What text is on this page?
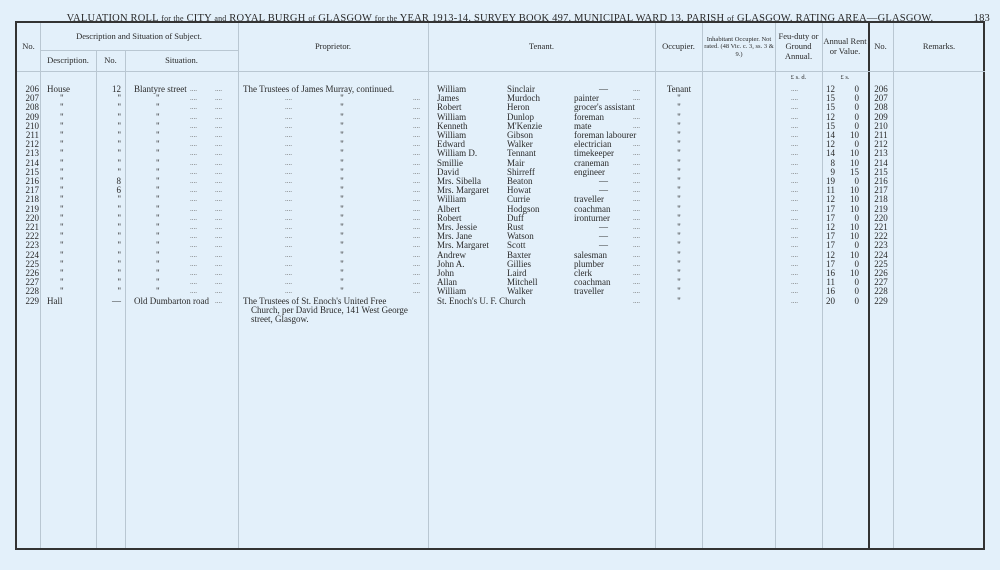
VALUATION ROLL for the CITY and ROYAL BURGH of GLASGOW for the YEAR 1913-14. SURVEY BOOK 497. MUNICIPAL WARD 13. PARISH of GLASGOW. RATING AREA—GLASGOW.	183
No.
Description and Situation of Subject.
Description.	No.	Situation.
Proprietor.	Tenant.	Occupier.
Inhabitant Occupier. Not rated. (48 Vic. c. 3, ss. 3 & 9.)
Feu-duty or Ground Annual.
Annual Rent or Value.	No.	Remarks.
£ s. d.	£ s.
206 House	12 Blantyre street	The Trustees of James Murray, continued.	William	Sinclair	—	Tenant	12	0	206
....	....	....	....
207 "	"	"	"	James	Murdoch	painter	"	15	0	207
....	....	....	....	....	....
208 "	"	"	"	Robert	Heron	grocer's assistant	"	15	0	208
....	....	....	....	....
209 "	"	"	"	William	Dunlop	foreman	"	12	0	209
....	....	....	....	....	....
210 "	"	"	"	Kenneth	M'Kenzie	mate	"	15	0	210
....	....	....	....	....	....
211 "	"	"	"	William	Gibson	foreman labourer	"	14	10	211
....	....	....	....	....
212 "	"	"	"	Edward	Walker	electrician	"	12	0	212
....	....	....	....	....	....
213 "	"	"	"	William D.	Tennant	timekeeper	"	14	10	213
....	....	....	....	....	....
214 "	"	"	"	Smillie	Mair	craneman	"	8	10	214
....	....	....	....	....	....
215 "	"	"	"	David	Shirreff	engineer	"	9	15	215
....	....	....	....	....	....
216 "	8	"	"	Mrs. Sibella	Beaton	—	"	19	0	216
....	....	....	....	....	....
217 "	6	"	"	Mrs. Margaret	Howat	—	"	11	10	217
....	....	....	....	....	....
218 "	"	"	"	William	Currie	traveller	"	12	10	218
....	....	....	....	....	....
219 "	"	"	"	Albert	Hodgson	coachman	"	17	10	219
....	....	....	....	....	....
220 "	"	"	"	Robert	Duff	ironturner	"	17	0	220
....	....	....	....	....	....
221 "	"	"	"	Mrs. Jessie	Rust	—	"	12	10	221
....	....	....	....	....	....
222 "	"	"	"	Mrs. Jane	Watson	—	"	17	10	222
....	....	....	....	....	....
223 "	"	"	"	Mrs. Margaret	Scott	—	"	17	0	223
....	....	....	....	....	....
224 "	"	"	"	Andrew	Baxter	salesman	"	12	10	224
....	....	....	....	....	....
225 "	"	"	"	John A.	Gillies	plumber	"	17	0	225
....	....	....	....	....	....
226 "	"	"	"	John	Laird	clerk	"	16	10	226
....	....	....	....	....	....
227 "	"	"	"	Allan	Mitchell	coachman	"	11	0	227
....	....	....	....	....	....
228 "	"	"	"	William	Walker	traveller	"	16	0	228
....	....	....	....	....	....
229 Hall	— Old Dumbarton road	The Trustees of St. Enoch's United Free	St. Enoch's U. F. Church	"	20	0	229
....	....	....
Church, per David Bruce, 141 West George
street, Glasgow.
